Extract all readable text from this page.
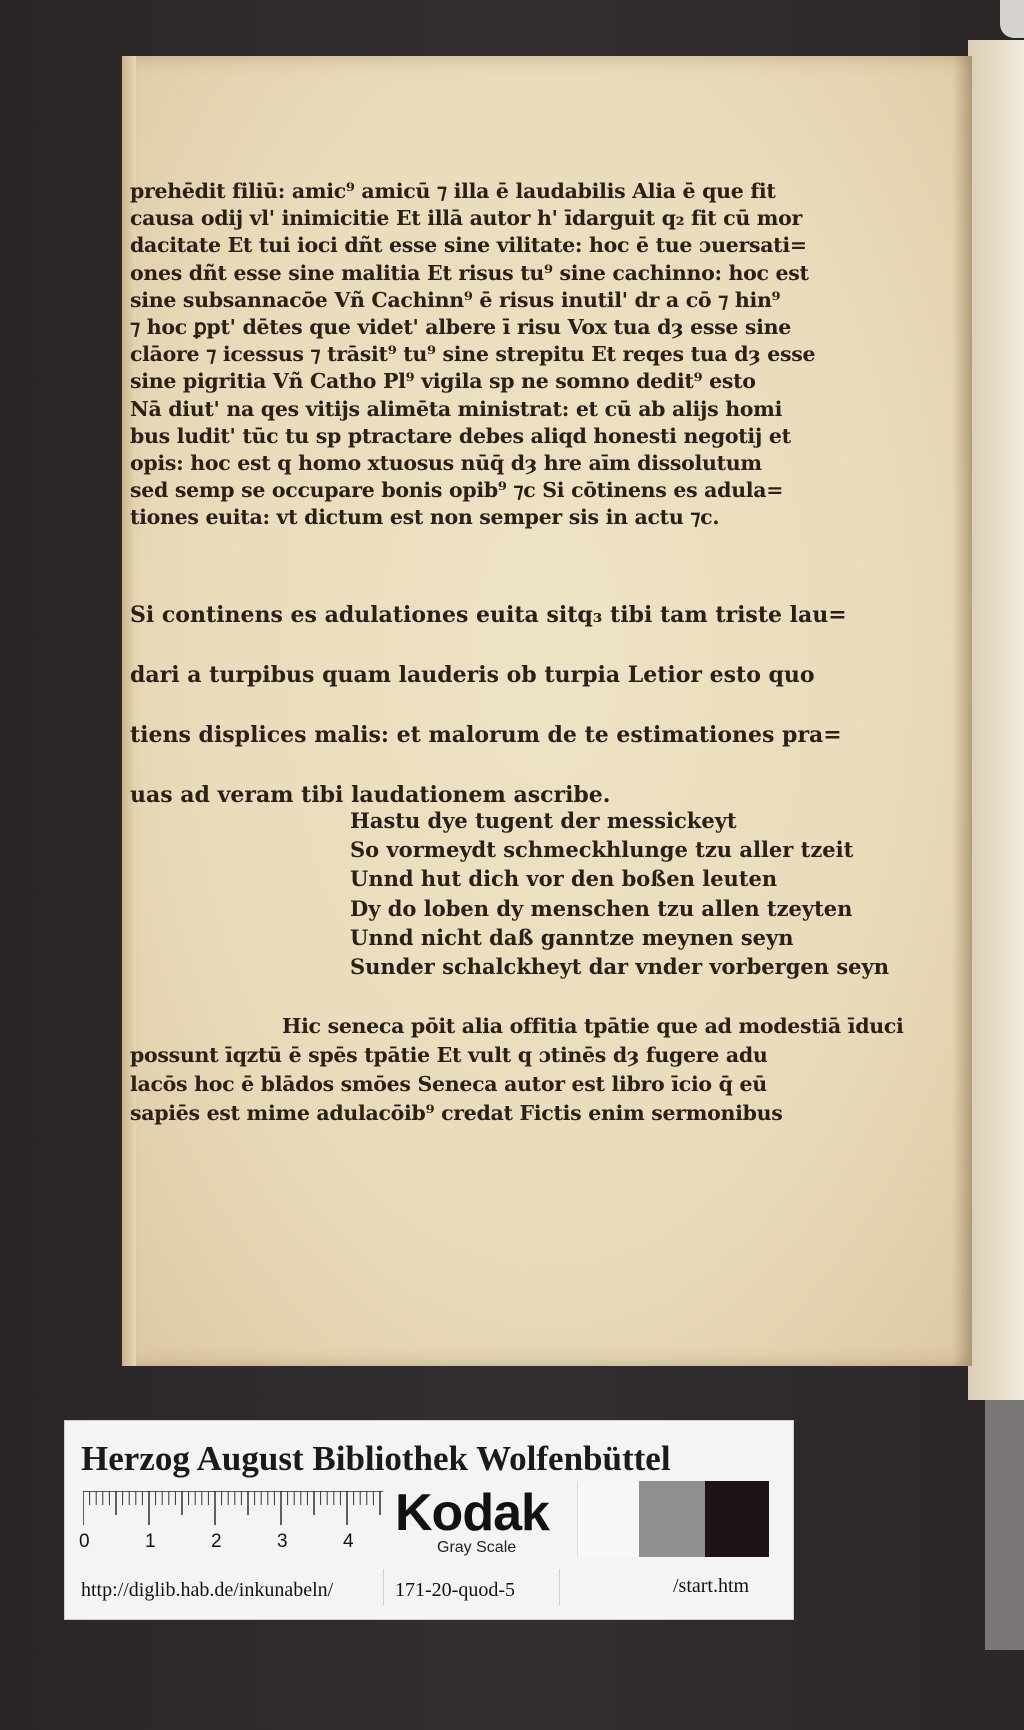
prehēdit filiū: amic⁹ amicū ⁊ illa ē laudabilis Alia ē que fit
causa odij vl' inimicitie Et illā autor h' īdarguit q₂ fit cū mor
dacitate Et tui ioci dñt esse sine vilitate: hoc ē tue ɔuersati=
ones dñt esse sine malitia Et risus tu⁹ sine cachinno: hoc est
sine subsannacōe Vñ Cachinn⁹ ē risus inutil' dr a cō ⁊ hin⁹
⁊ hoc ꝑpt' dētes que videt' albere ī risu Vox tua dȝ esse sine
clāore ⁊ icessus ⁊ trāsit⁹ tu⁹ sine strepitu Et reqes tua dȝ esse
sine pigritia Vñ Catho Pl⁹ vigila sp ne somno dedit⁹ esto
Nā diut' na qes vitijs alimēta ministrat: et cū ab alijs homi
bus ludit' tūc tu sp ptractare debes aliqd honesti negotij et
opis: hoc est q homo xtuosus nūq̄ dȝ hre aīm dissolutum
sed semp se occupare bonis opib⁹ ⁊c Si cōtinens es adula=
tiones euita: vt dictum est non semper sis in actu ⁊c.
Si continens es adulationes euita sitq₃ tibi tam triste lau=
dari a turpibus quam lauderis ob turpia Letior esto quo
tiens displices malis: et malorum de te estimationes pra=
uas ad veram tibi laudationem ascribe.
Hastu dye tugent der messickeyt
So vormeydt schmeckhlunge tzu aller tzeit
Unnd hut dich vor den boßen leuten
Dy do loben dy menschen tzu allen tzeyten
Unnd nicht daß ganntze meynen seyn
Sunder schalckheyt dar vnder vorbergen seyn
Hic seneca pōit alia offitia tpātie que ad modestiā īduci
possunt īqztū ē spēs tpātie Et vult q ɔtinēs dȝ fugere adu
lacōs hoc ē blādos smōes Seneca autor est libro īcio q̄ eū
sapiēs est mime adulacōib⁹ credat Fictis enim sermonibus
Herzog August Bibliothek Wolfenbüttel
0	1	2	3	4 Kodak
Gray Scale
http://diglib.hab.de/inkunabeln/	171-20-quod-5	/start.htm
